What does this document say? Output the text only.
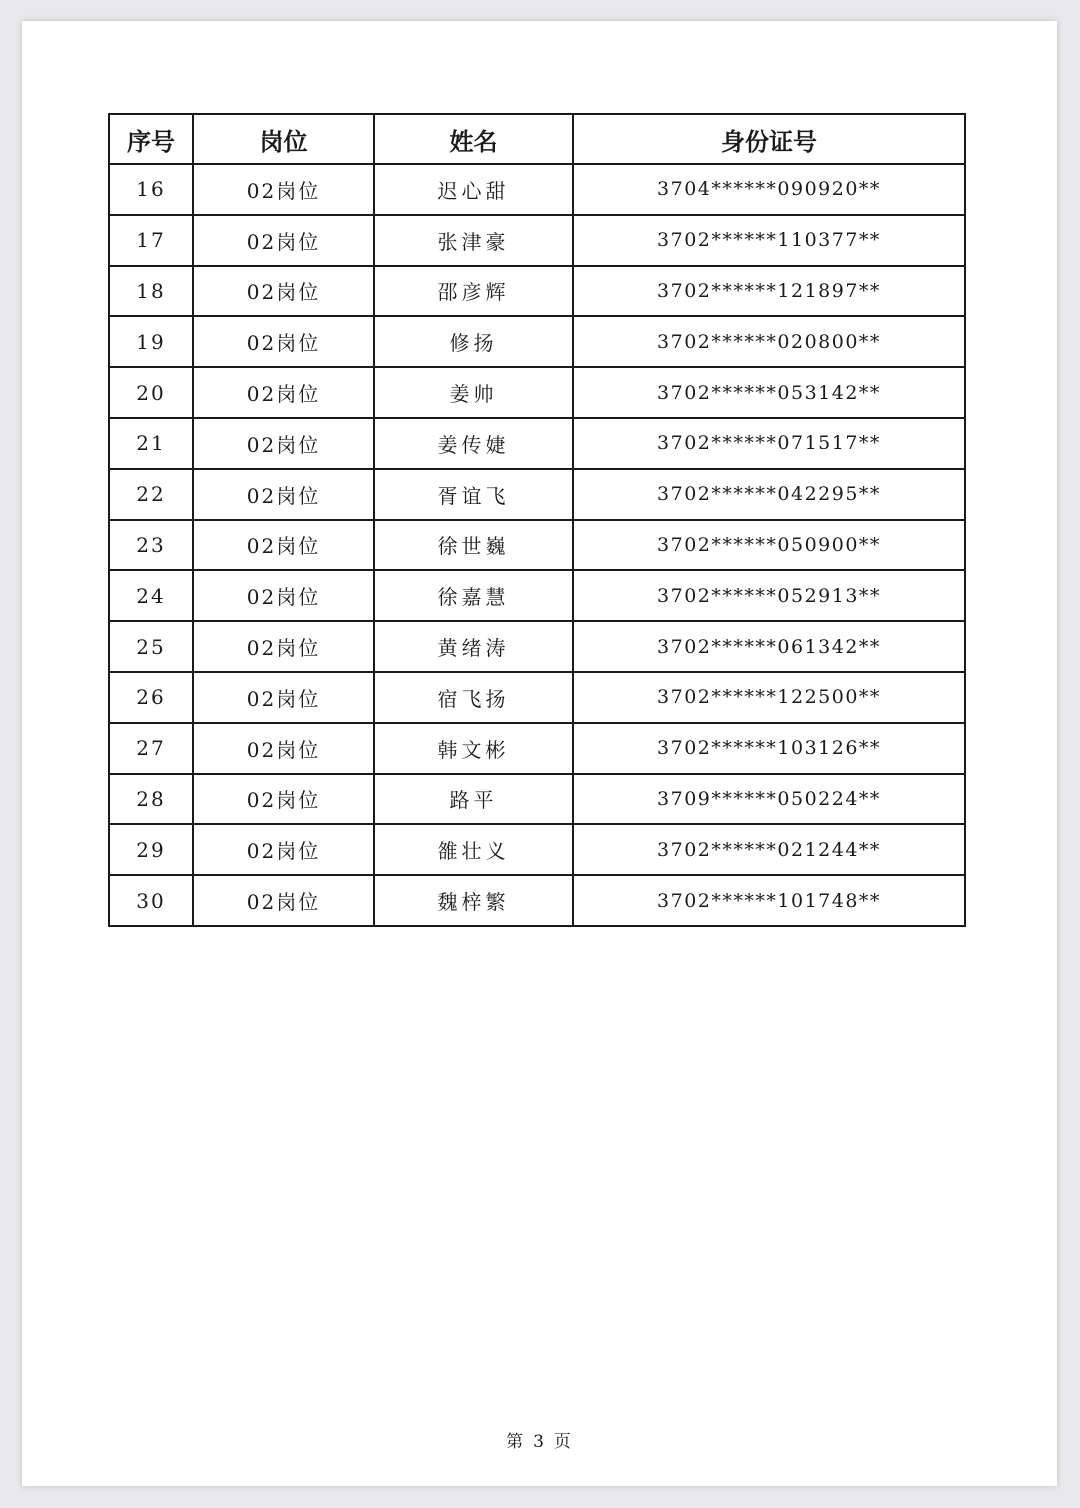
序号	岗位	姓名	身份证号
16	02岗位	迟心甜	3704******090920**
17	02岗位	张津豪	3702******110377**
18	02岗位	邵彦辉	3702******121897**
19	02岗位	修扬	3702******020800**
20	02岗位	姜帅	3702******053142**
21	02岗位	姜传婕	3702******071517**
22	02岗位	胥谊飞	3702******042295**
23	02岗位	徐世巍	3702******050900**
24	02岗位	徐嘉慧	3702******052913**
25	02岗位	黄绪涛	3702******061342**
26	02岗位	宿飞扬	3702******122500**
27	02岗位	韩文彬	3702******103126**
28	02岗位	路平	3709******050224**
29	02岗位	雒壮义	3702******021244**
30	02岗位	魏梓繁	3702******101748**
第 3 页
